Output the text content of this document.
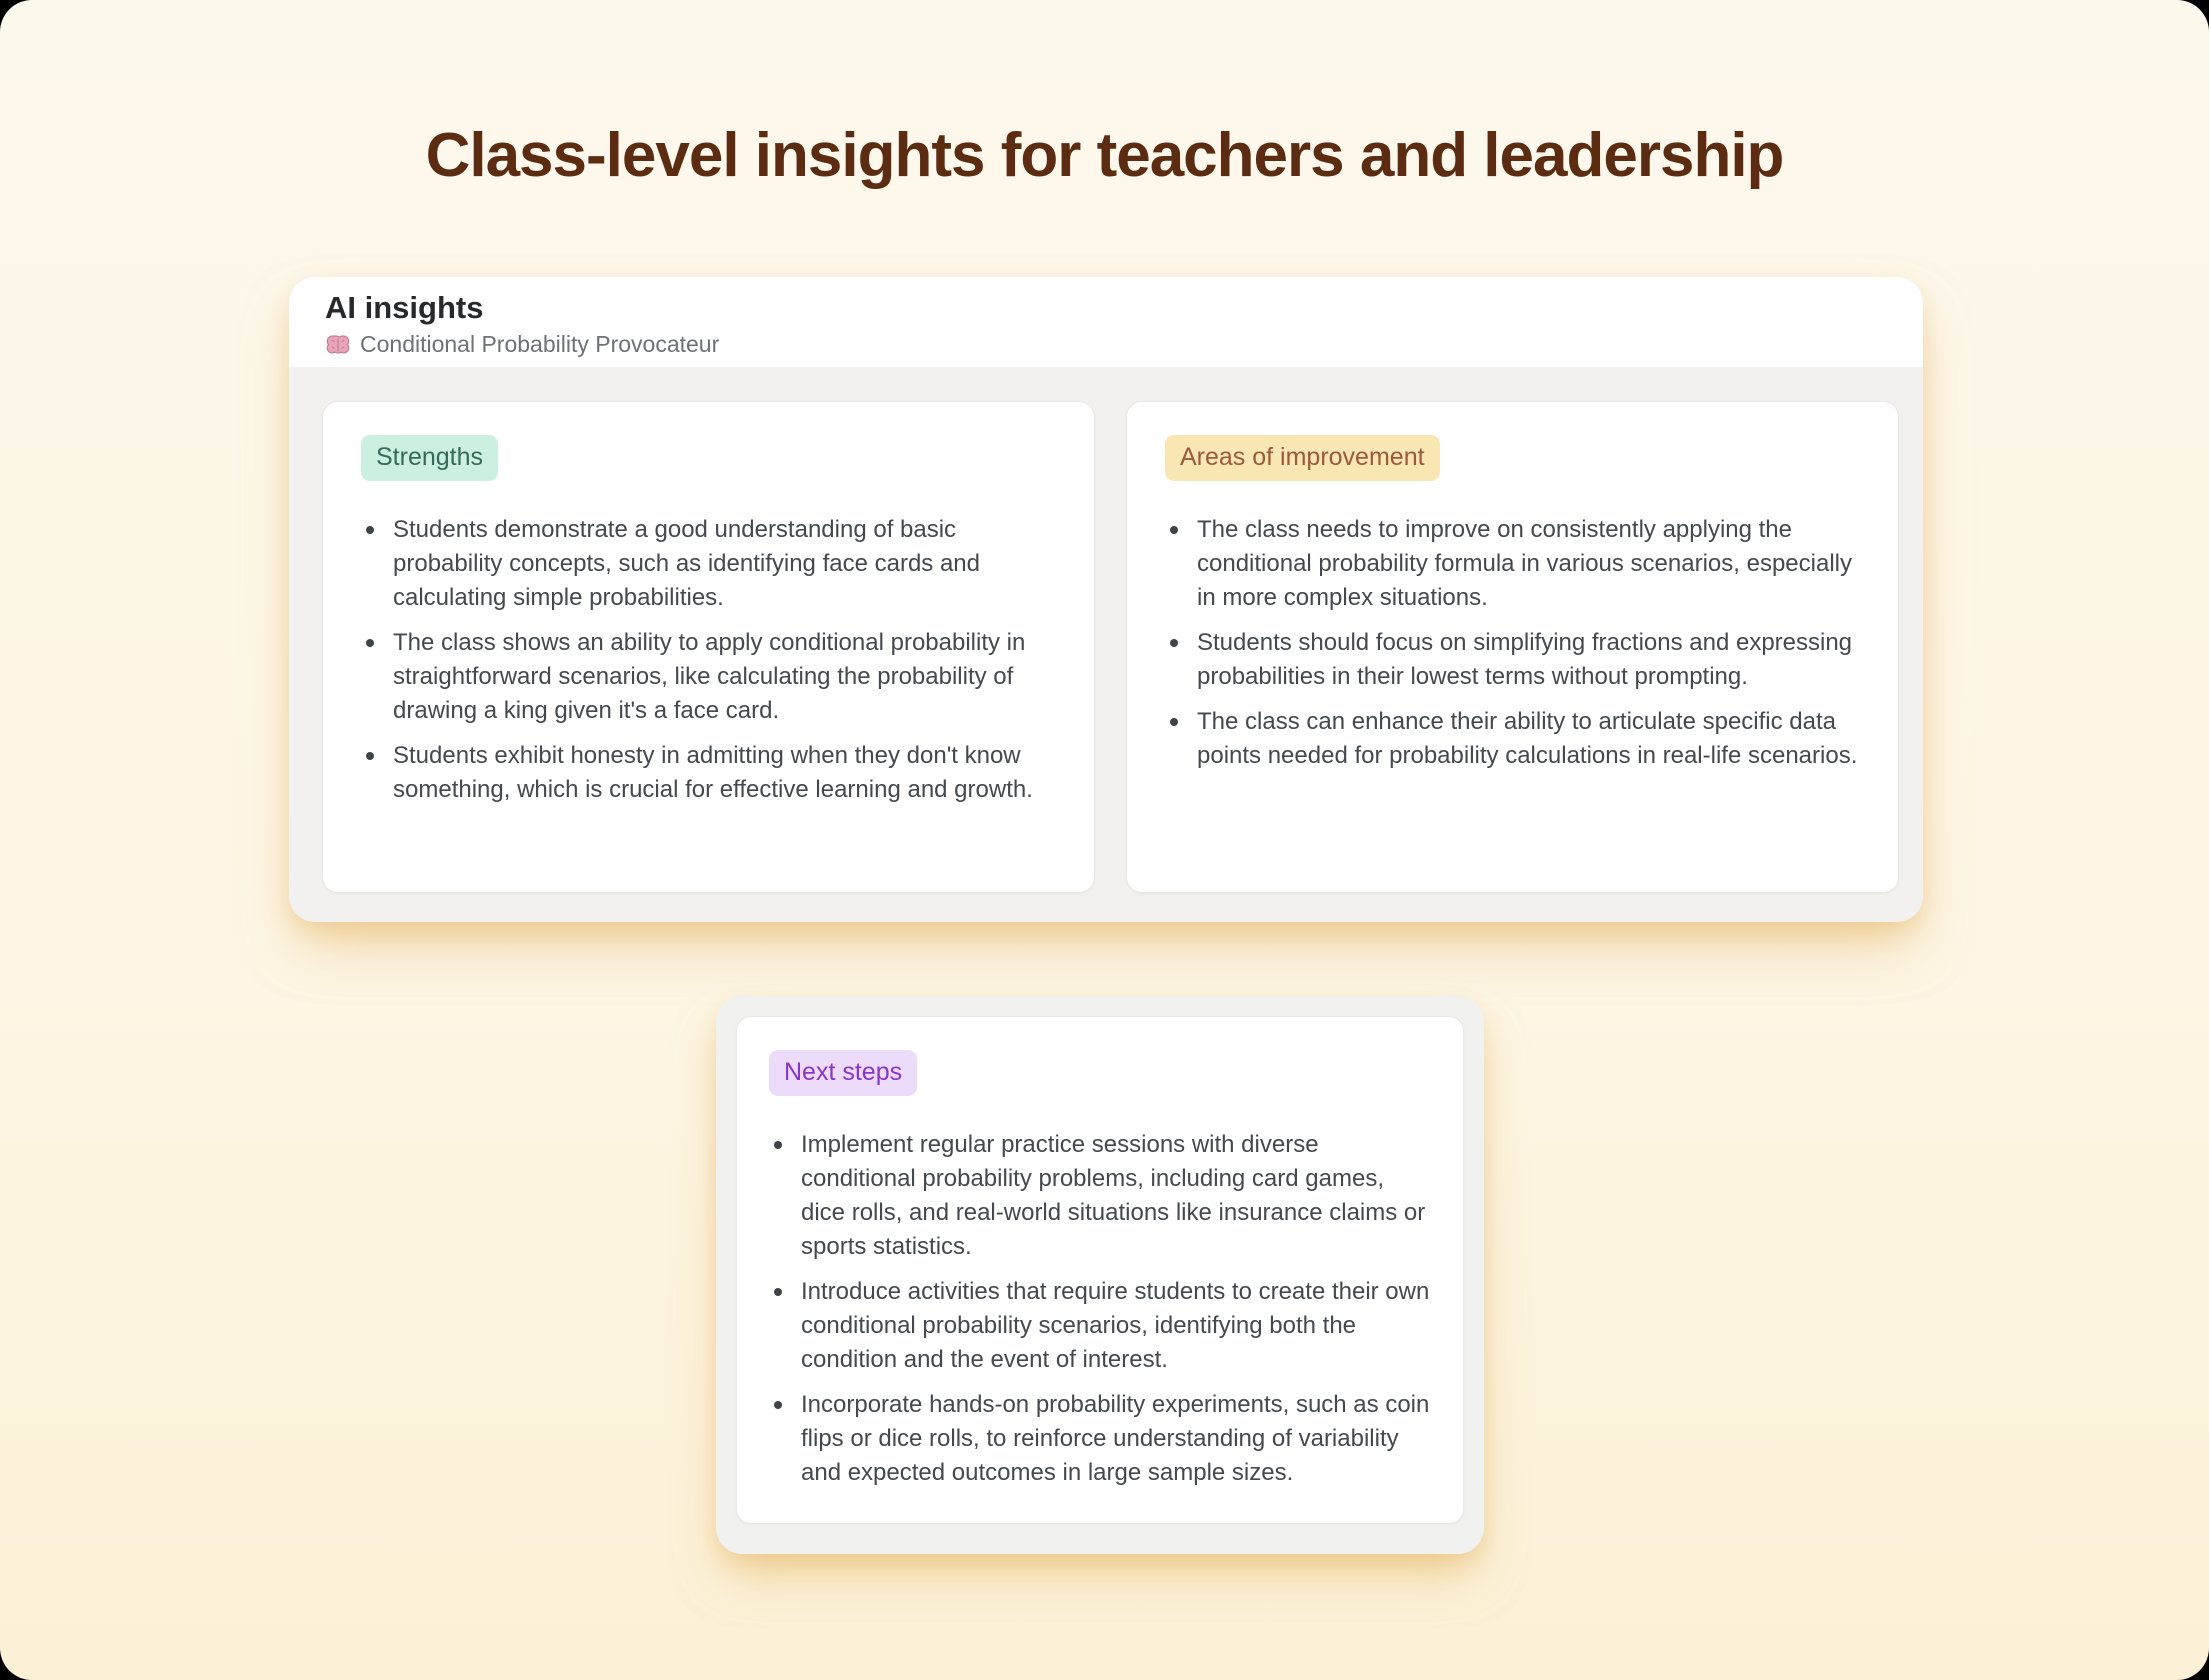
Class-level insights for teachers and leadership
AI insights
Conditional Probability Provocateur
Strengths
Students demonstrate a good understanding of basic probability concepts, such as identifying face cards and calculating simple probabilities.
The class shows an ability to apply conditional probability in straightforward scenarios, like calculating the probability of drawing a king given it's a face card.
Students exhibit honesty in admitting when they don't know something, which is crucial for effective learning and growth.
Areas of improvement
The class needs to improve on consistently applying the conditional probability formula in various scenarios, especially in more complex situations.
Students should focus on simplifying fractions and expressing probabilities in their lowest terms without prompting.
The class can enhance their ability to articulate specific data points needed for probability calculations in real-life scenarios.
Next steps
Implement regular practice sessions with diverse conditional probability problems, including card games, dice rolls, and real-world situations like insurance claims or sports statistics.
Introduce activities that require students to create their own conditional probability scenarios, identifying both the condition and the event of interest.
Incorporate hands-on probability experiments, such as coin flips or dice rolls, to reinforce understanding of variability and expected outcomes in large sample sizes.
